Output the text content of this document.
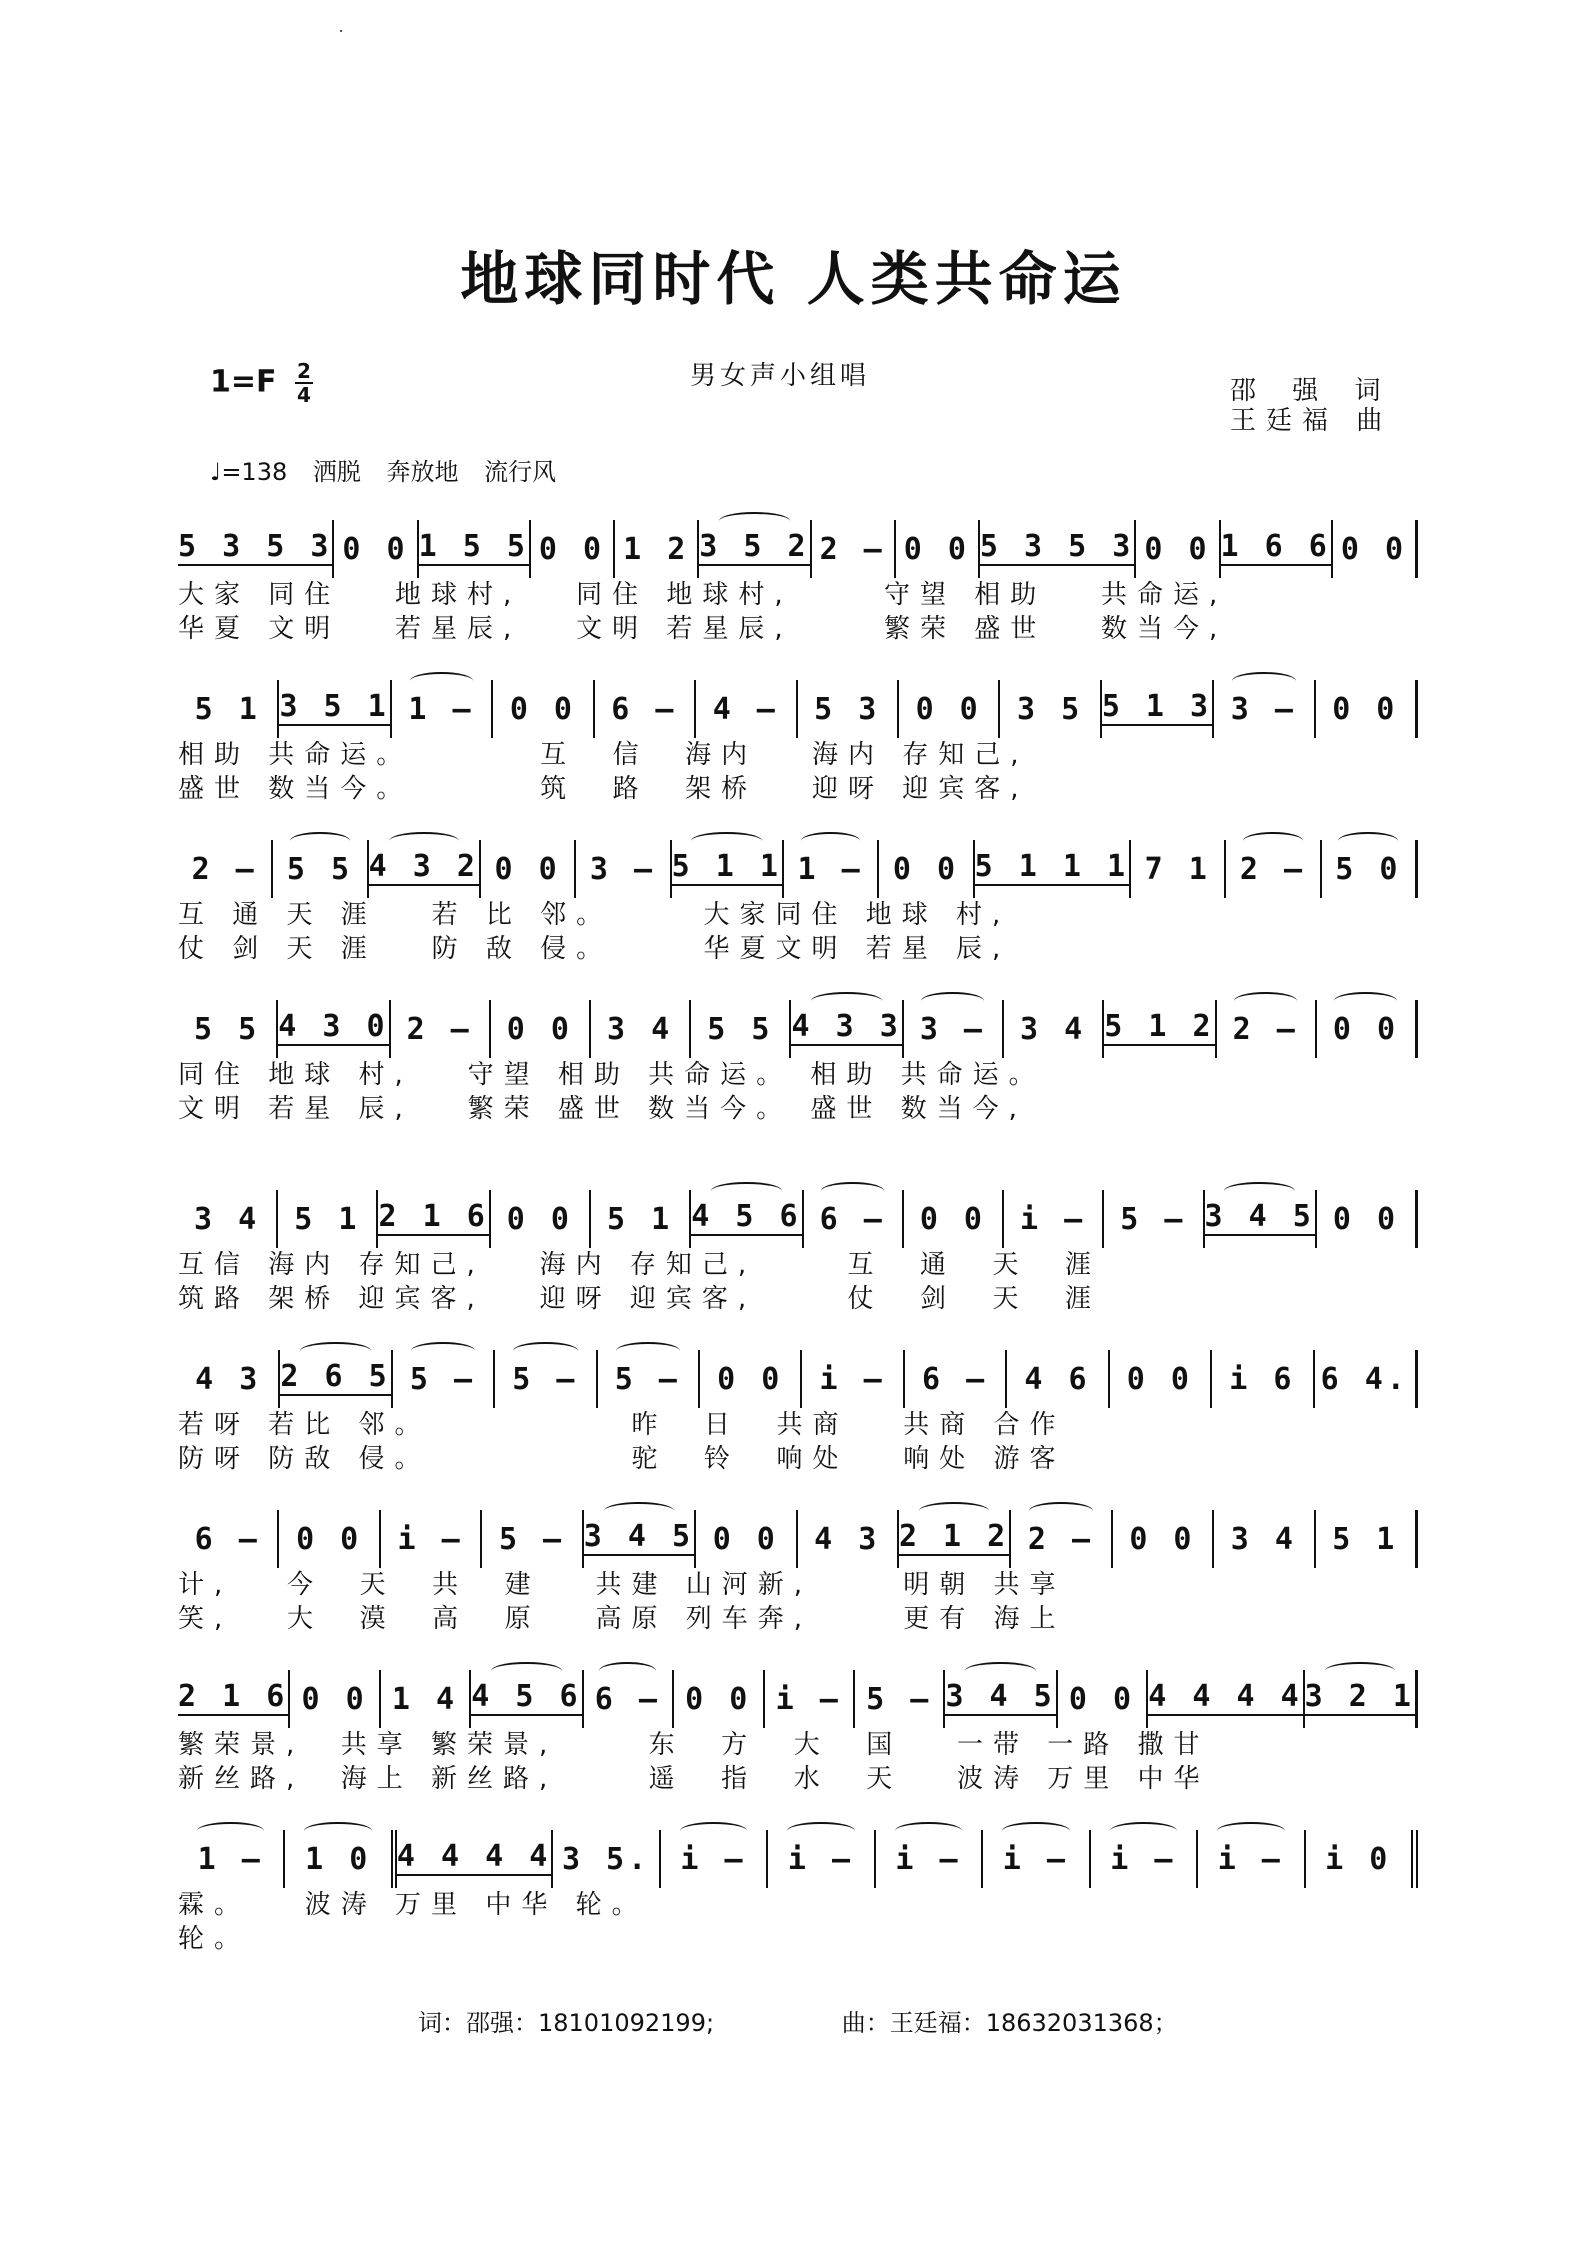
地球同时代 人类共命运
$1=F \frac{2}{4}$	男女声小组唱	邵 强 词
王廷福 曲
♩=138 洒脱 奔放地 流行风
5 3 5 3 0 0 1 5 5 0 0 1 2 3 5 2 2 – 0 0 5 3 5 3 0 0 1 6 6 0 0
大家 同住   地球村,   同住 地球村,     守望 相助   共命运,
华夏 文明   若星辰,   文明 若星辰,     繁荣 盛世   数当今,
5 1 3 5 1 1 – 0 0 6 – 4 – 5 3 0 0 3 5 5 1 3 3 – 0 0
相助 共命运。       互  信  海内   海内 存知己,
盛世 数当今。       筑  路  架桥   迎呀 迎宾客,
2 – 5 5 4 3 2 0 0 3 – 5 1 1 1 – 0 0 5 1 1 1 7 1 2 – 5 0
互 通 天 涯   若 比 邻。     大家同住 地球 村,
仗 剑 天 涯   防 敌 侵。     华夏文明 若星 辰,
5 5 4 3 0 2 – 0 0 3 4 5 5 4 3 3 3 – 3 4 5 1 2 2 – 0 0
同住 地球 村,   守望 相助 共命运。 相助 共命运。
文明 若星 辰,   繁荣 盛世 数当今。 盛世 数当今,
3 4 5 1 2 1 6 0 0 5 1 4 5 6 6 – 0 0 i – 5 – 3 4 5 0 0
互信 海内 存知己,   海内 存知己,     互  通  天  涯
筑路 架桥 迎宾客,   迎呀 迎宾客,     仗  剑  天  涯
4 3 2 6 5 5 – 5 – 5 – 0 0 i – 6 – 4 6 0 0 i 6 6 4.
若呀 若比 邻。           昨  日  共商   共商 合作
防呀 防敌 侵。           驼  铃  响处   响处 游客
6 – 0 0 i – 5 – 3 4 5 0 0 4 3 2 1 2 2 – 0 0 3 4 5 1
计,   今  天  共  建   共建 山河新,     明朝 共享
笑,   大  漠  高  原   高原 列车奔,     更有 海上
2 1 6 0 0 1 4 4 5 6 6 – 0 0 i – 5 – 3 4 5 0 0 4 4 4 4 3 2 1
繁荣景,  共享 繁荣景,     东  方  大  国   一带 一路 撒甘
新丝路,  海上 新丝路,     遥  指  水  天   波涛 万里 中华
1 – 1 0 4 4 4 4 3 5. i – i – i – i – i – i – i 0
霖。   波涛 万里 中华 轮。
轮。
词：邵强：18101092199;	曲：王廷福：18632031368；
